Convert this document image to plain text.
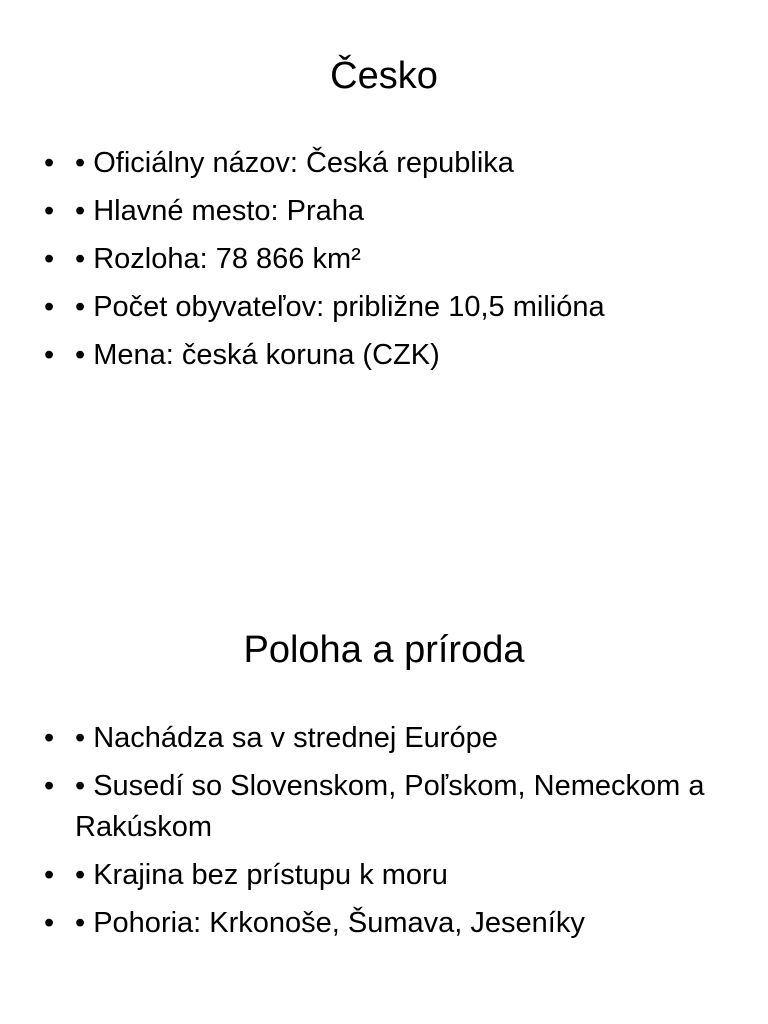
Česko
• • Oficiálny názov: Česká republika
• • Hlavné mesto: Praha
• • Rozloha: 78 866 km²
• • Počet obyvateľov: približne 10,5 milióna
• • Mena: česká koruna (CZK)
Poloha a príroda
• • Nachádza sa v strednej Európe
• • Susedí so Slovenskom, Poľskom, Nemeckom a Rakúskom
• • Krajina bez prístupu k moru
• • Pohoria: Krkonoše, Šumava, Jeseníky
